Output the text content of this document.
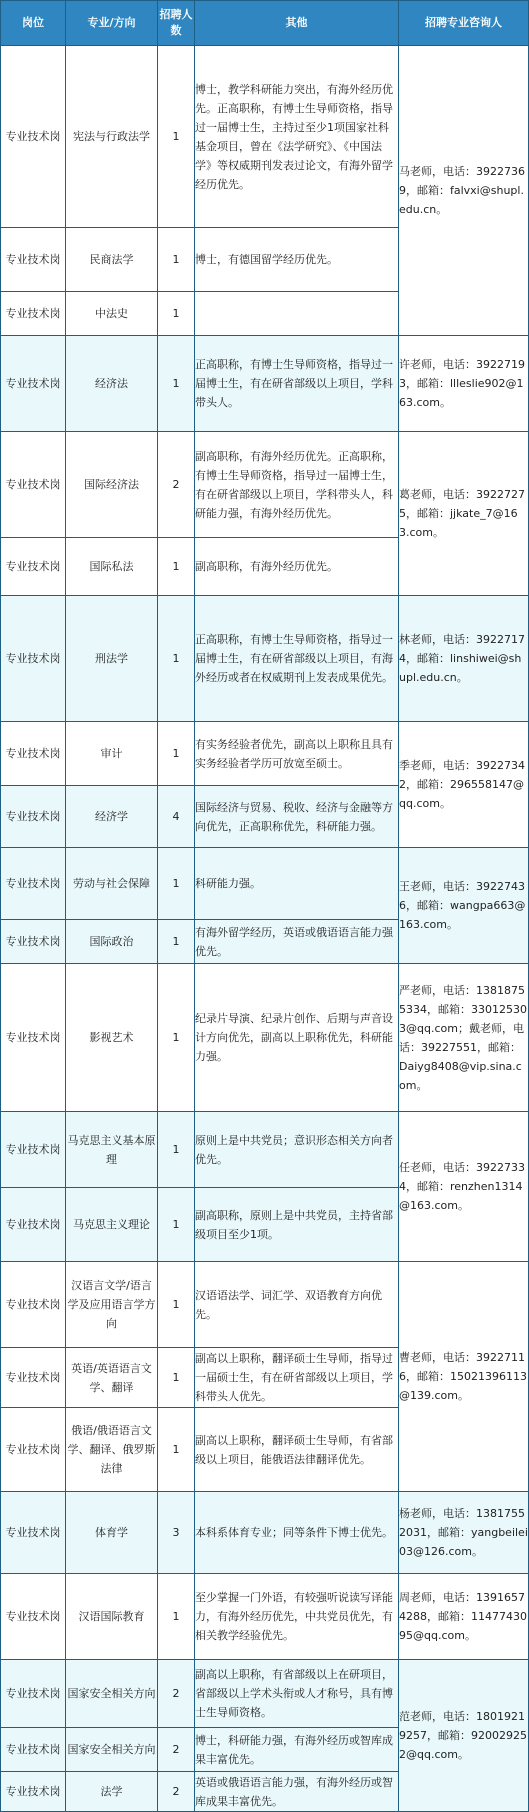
岗位	专业/方向	招聘人数	其他	招聘专业咨询人
专业技术岗	宪法与行政法学	1	博士，教学科研能力突出，有海外经历优先。正高职称，有博士生导师资格，指导过一届博士生，主持过至少1项国家社科基金项目，曾在《法学研究》、《中国法学》等权威期刊发表过论文，有海外留学经历优先。	马老师，电话：39227369，邮箱：falvxi@shupl.edu.cn。
专业技术岗	民商法学	1	博士，有德国留学经历优先。	
专业技术岗	中法史	1		
专业技术岗	经济法	1	正高职称，有博士生导师资格，指导过一届博士生，有在研省部级以上项目，学科带头人。	许老师，电话：39227193，邮箱：llleslie902@163.com。
专业技术岗	国际经济法	2	副高职称，有海外经历优先。正高职称，有博士生导师资格，指导过一届博士生，有在研省部级以上项目，学科带头人，科研能力强，有海外经历优先。	葛老师，电话：39227275，邮箱：jjkate_7@163.com。
专业技术岗	国际私法	1	副高职称，有海外经历优先。	
专业技术岗	刑法学	1	正高职称，有博士生导师资格，指导过一届博士生，有在研省部级以上项目，有海外经历或者在权威期刊上发表成果优先。	林老师，电话：39227174，邮箱：linshiwei@shupl.edu.cn。
专业技术岗	审计	1	有实务经验者优先，副高以上职称且具有实务经验者学历可放宽至硕士。	季老师，电话：39227342，邮箱：296558147@qq.com。
专业技术岗	经济学	4	国际经济与贸易、税收、经济与金融等方向优先，正高职称优先，科研能力强。	
专业技术岗	劳动与社会保障	1	科研能力强。	王老师，电话：39227436，邮箱：wangpa663@163.com。
专业技术岗	国际政治	1	有海外留学经历，英语或俄语语言能力强优先。	
专业技术岗	影视艺术	1	纪录片导演、纪录片创作、后期与声音设计方向优先，副高以上职称优先，科研能力强。	严老师，电话：13818755334，邮箱：330125303@qq.com；戴老师，电话：39227551，邮箱：Daiyg8408@vip.sina.com。
专业技术岗	马克思主义基本原理	1	原则上是中共党员；意识形态相关方向者优先。	任老师，电话：39227334，邮箱：renzhen1314@163.com。
专业技术岗	马克思主义理论	1	副高职称，原则上是中共党员，主持省部级项目至少1项。	
专业技术岗	汉语言文学/语言学及应用语言学方向	1	汉语语法学、词汇学、双语教育方向优先。	曹老师，电话：39227116，邮箱：15021396113@139.com。
专业技术岗	英语/英语语言文学、翻译	1	副高以上职称，翻译硕士生导师，指导过一届硕士生，有在研省部级以上项目，学科带头人优先。	
专业技术岗	俄语/俄语语言文学、翻译、俄罗斯法律	1	副高以上职称，翻译硕士生导师，有省部级以上项目，能俄语法律翻译优先。	
专业技术岗	体育学	3	本科系体育专业；同等条件下博士优先。	杨老师，电话：13817552031，邮箱：yangbeilei03@126.com。
专业技术岗	汉语国际教育	1	至少掌握一门外语，有较强听说读写译能力，有海外经历优先，中共党员优先，有相关教学经验优先。	周老师，电话：13916574288，邮箱：1147743095@qq.com。
专业技术岗	国家安全相关方向	2	副高以上职称，有省部级以上在研项目，省部级以上学术头衔或人才称号，具有博士生导师资格。	范老师，电话：18019219257，邮箱：920029252@qq.com。
专业技术岗	国家安全相关方向	2	博士，科研能力强，有海外经历或智库成果丰富优先。	
专业技术岗	法学	2	英语或俄语语言能力强，有海外经历或智库成果丰富优先。	
